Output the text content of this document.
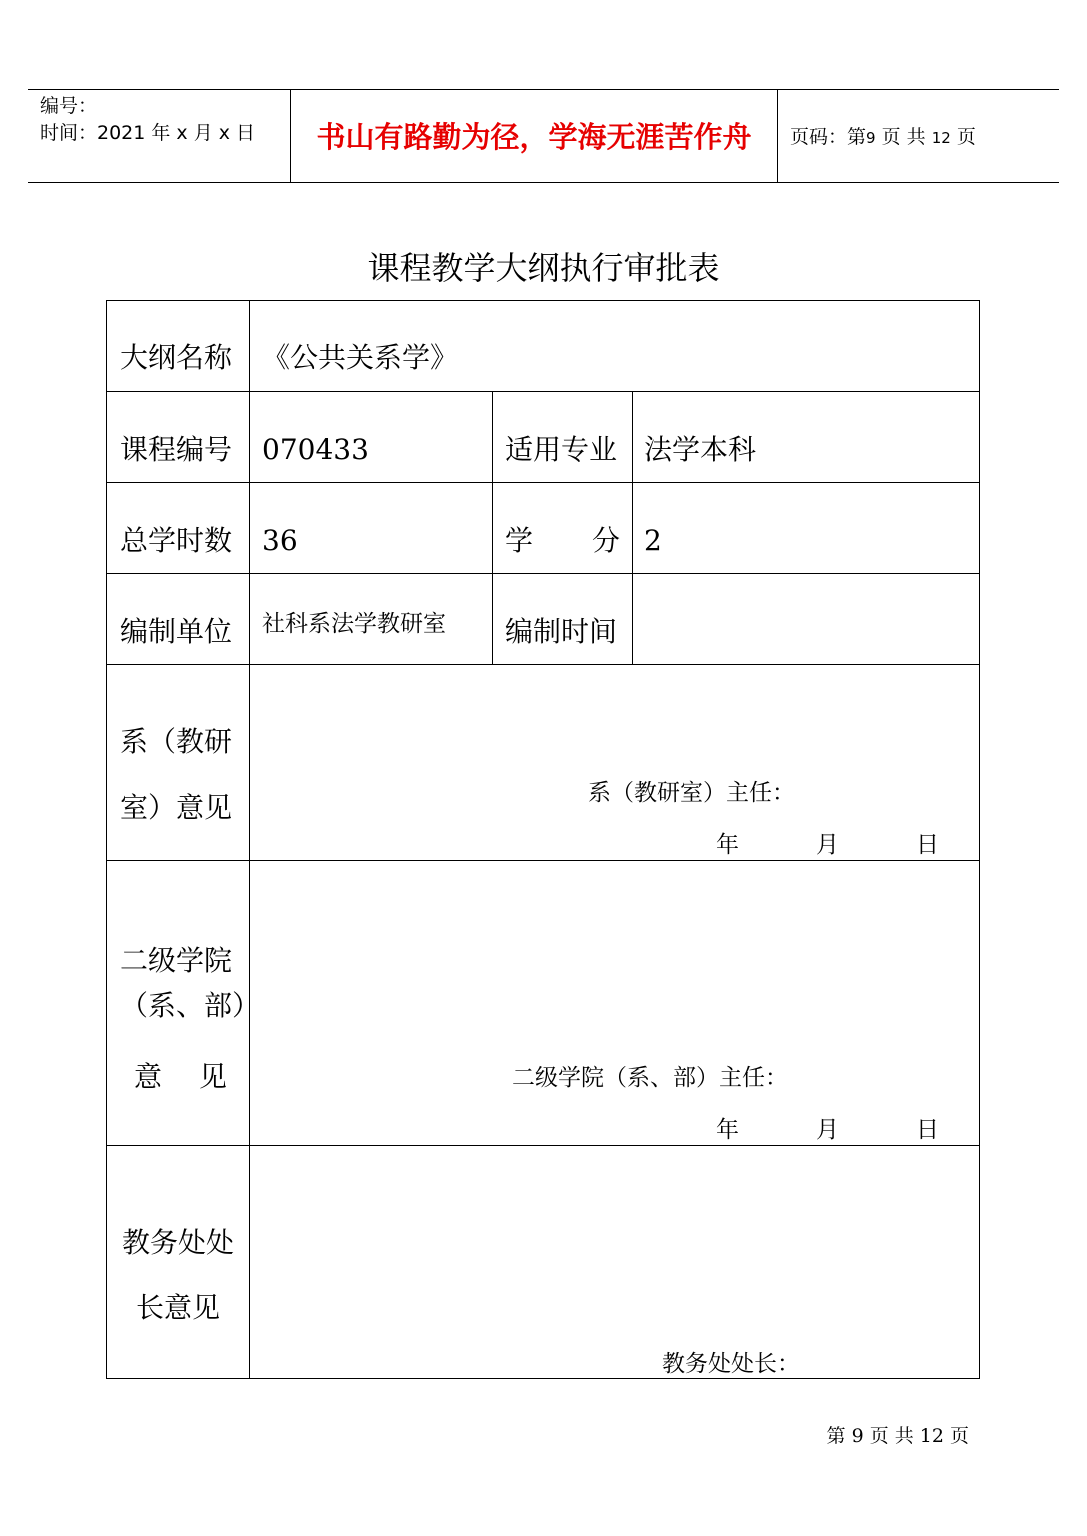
编号：
时间：2021 年 x 月 x 日	书山有路勤为径，学海无涯苦作舟	页码：第9 页 共 12 页
课程教学大纲执行审批表
大纲名称 《公共关系学》
课程编号 070433	适用专业 法学本科
总学时数 36	学 分 2
编制单位 社科系法学教研室 编制时间
系（教研
室）意见	系（教研室）主任：
年	月	日
二级学院
（系、部）
意　 见	二级学院（系、部）主任：
年	月	日
教务处处
长意见
教务处处长：
第 9 页 共 12 页
